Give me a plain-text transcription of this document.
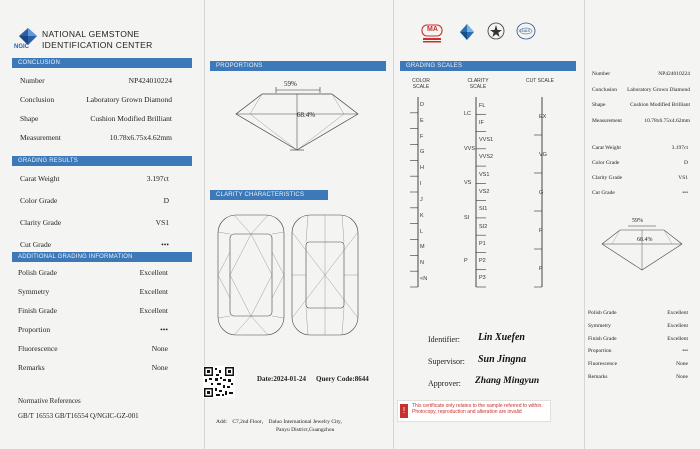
NGIC
NATIONAL GEMSTONE
IDENTIFICATION CENTER
CONCLUSION
Number	NP424010224
Conclusion	Laboratory Grown Diamond
Shape	Cushion Modified Brilliant
Measurement	10.78x6.75x4.62mm
GRADING RESULTS
Carat Weight	3.197ct
Color Grade	D
Clarity Grade	VS1
Cut Grade	•••
ADDITIONAL GRADING INFORMATION
Polish Grade	Excellent
Symmetry	Excellent
Finish Grade	Excellent
Proportion	•••
Fluorescence	None
Remarks	None
Normative References
GB/T 16553 GB/T16554 Q/NGIC-GZ-001
PROPORTIONS
59%
68.4%
CLARITY CHARACTERISTICS
Date:2024-01-24 Query Code:8644
Add： C7,2nd Floor， Daluo International Jewelry City,
Panyu District,Guangzhou
MA	CNAS
GRADING SCALES
COLOR SCALE
CLARITY SCALE
CUT SCALE
D
E
F
G
H
I
J
K
L
M
N
<N
FL
IF
VVS1
VVS2
VS1
VS2
SI1
SI2
P1
P2
P3
LC
VVS
VS
SI
P
EX
VG
G
F
P
Identifier: Lin Xuefen
Supervisor: Sun Jingna
Approver: Zhang Mingyun
!	This certificate only relates to the sample referred to within. Photocopy, reproduction and alteration are invalid
Number	NP424010224
Conclusion Laboratory Grown Diamond
Shape	Cushion Modified Brilliant
Measurement	10.78x6.75x4.62mm
Carat Weight	3.197ct
Color Grade	D
Clarity Grade	VS1
Cut Grade	•••
59%
68.4%
Polish Grade	Excellent
Symmetry	Excellent
Finish Grade	Excellent
Proportion	•••
Fluorescence	None
Remarks	None
